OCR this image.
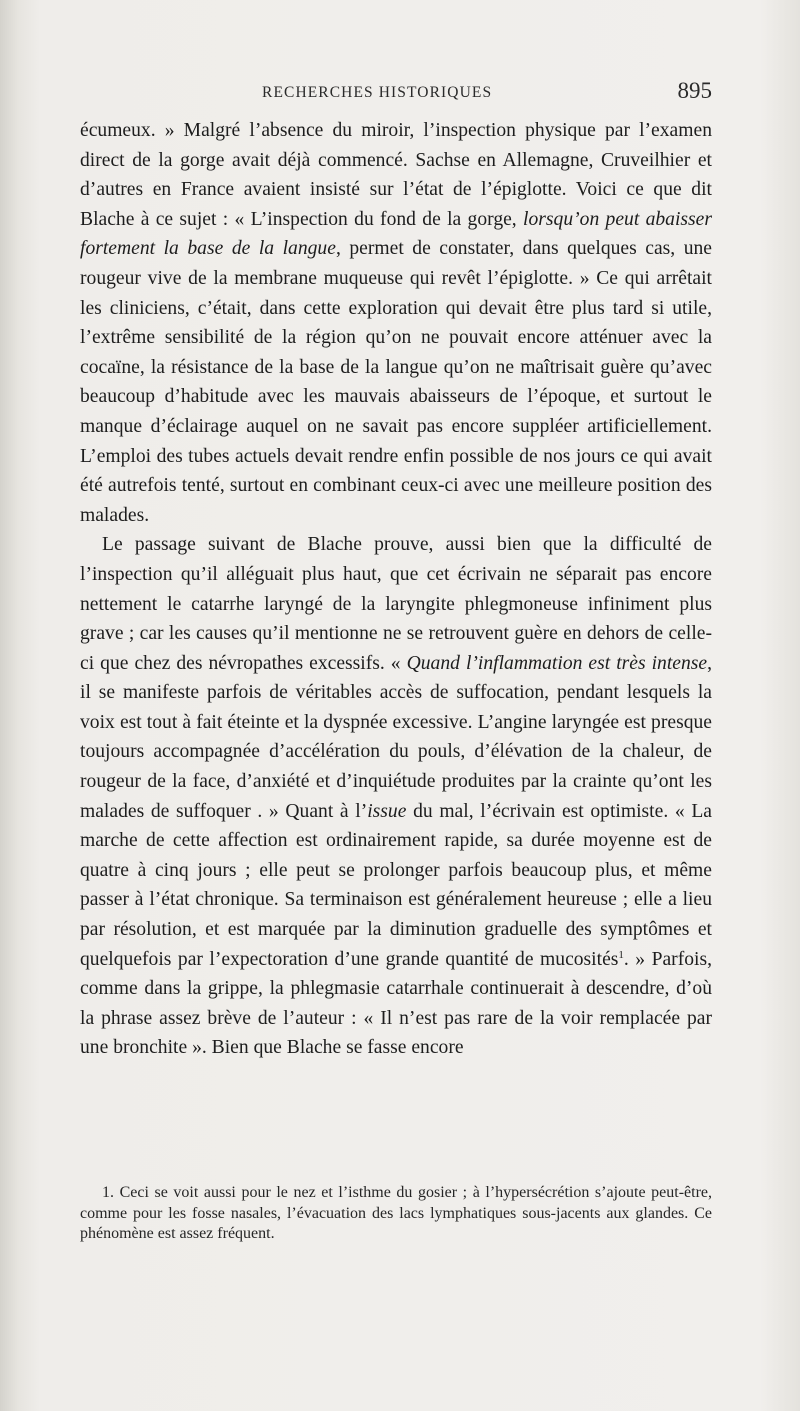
RECHERCHES HISTORIQUES	895

écumeux. » Malgré l’absence du miroir, l’inspection physique par l’examen direct de la gorge avait déjà commencé. Sachse en Allemagne, Cruveilhier et d’autres en France avaient insisté sur l’état de l’épiglotte. Voici ce que dit Blache à ce sujet : « L’inspection du fond de la gorge, lorsqu’on peut abaisser fortement la base de la langue, permet de constater, dans quelques cas, une rougeur vive de la membrane muqueuse qui revêt l’épiglotte. » Ce qui arrêtait les cliniciens, c’était, dans cette exploration qui devait être plus tard si utile, l’extrême sensibilité de la région qu’on ne pouvait encore atténuer avec la cocaïne, la résistance de la base de la langue qu’on ne maîtrisait guère qu’avec beaucoup d’habitude avec les mauvais abaisseurs de l’époque, et surtout le manque d’éclairage auquel on ne savait pas encore suppléer artificiellement. L’emploi des tubes actuels devait rendre enfin possible de nos jours ce qui avait été autrefois tenté, surtout en combinant ceux-ci avec une meilleure position des malades.

Le passage suivant de Blache prouve, aussi bien que la difficulté de l’inspection qu’il alléguait plus haut, que cet écrivain ne séparait pas encore nettement le catarrhe laryngé de la laryngite phlegmoneuse infiniment plus grave ; car les causes qu’il mentionne ne se retrouvent guère en dehors de celle-ci que chez des névropathes excessifs. « Quand l’inflammation est très intense, il se manifeste parfois de véritables accès de suffocation, pendant lesquels la voix est tout à fait éteinte et la dyspnée excessive. L’angine laryngée est presque toujours accompagnée d’accélération du pouls, d’élévation de la chaleur, de rougeur de la face, d’anxiété et d’inquiétude produites par la crainte qu’ont les malades de suffoquer . » Quant à l’issue du mal, l’écrivain est optimiste. « La marche de cette affection est ordinairement rapide, sa durée moyenne est de quatre à cinq jours ; elle peut se prolonger parfois beaucoup plus, et même passer à l’état chronique. Sa terminaison est généralement heureuse ; elle a lieu par résolution, et est marquée par la diminution graduelle des symptômes et quelquefois par l’expectoration d’une grande quantité de mucosités$^1$. » Parfois, comme dans la grippe, la phlegmasie catarrhale continuerait à descendre, d’où la phrase assez brève de l’auteur : « Il n’est pas rare de la voir remplacée par une bronchite ». Bien que Blache se fasse encore

1. Ceci se voit aussi pour le nez et l’isthme du gosier ; à l’hypersécrétion s’ajoute peut-être, comme pour les fosse nasales, l’évacuation des lacs lymphatiques sous-jacents aux glandes. Ce phénomène est assez fréquent.
